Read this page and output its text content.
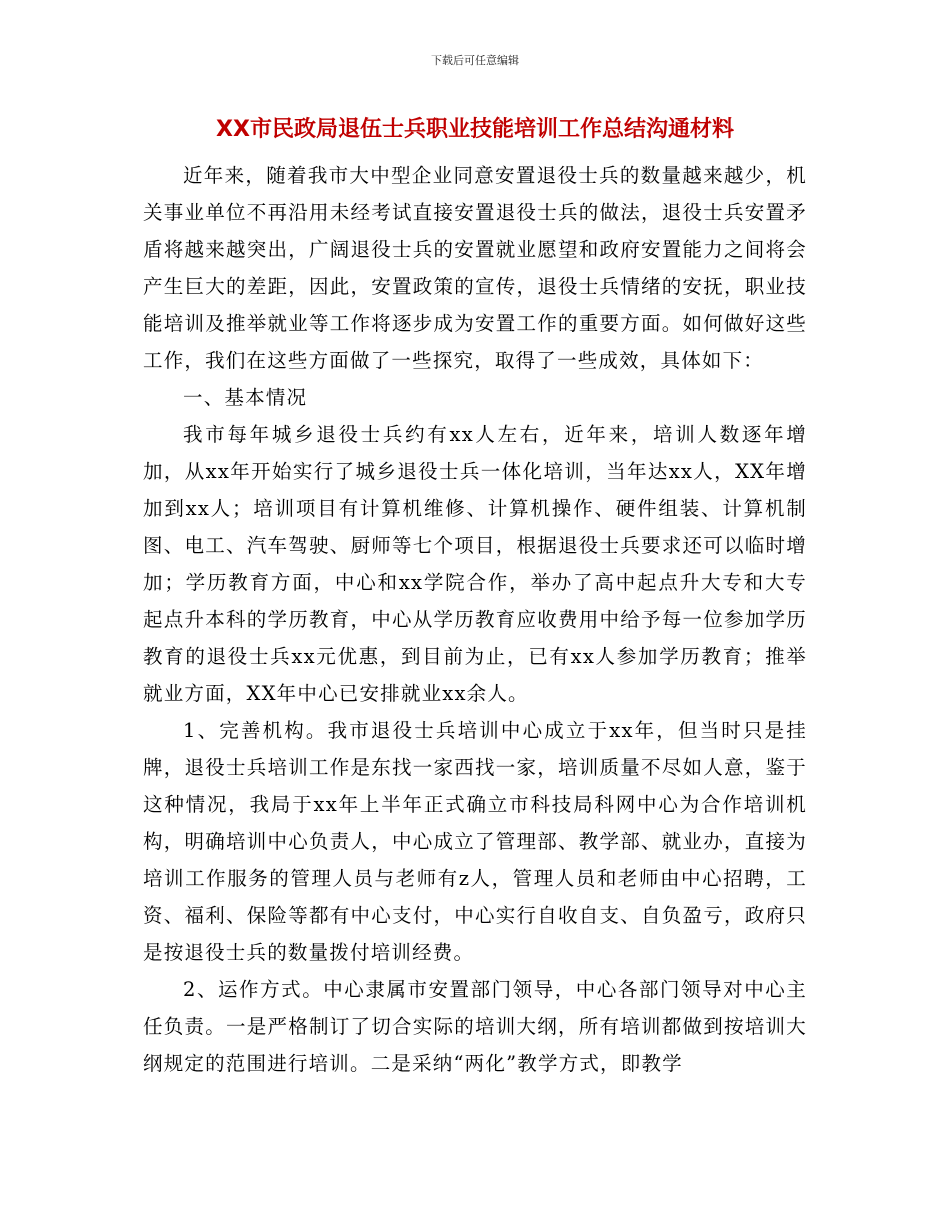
下载后可任意编辑
XX市民政局退伍士兵职业技能培训工作总结沟通材料

近年来，随着我市大中型企业同意安置退役士兵的数量越来越少，机关事业单位不再沿用未经考试直接安置退役士兵的做法，退役士兵安置矛盾将越来越突出，广阔退役士兵的安置就业愿望和政府安置能力之间将会产生巨大的差距，因此，安置政策的宣传，退役士兵情绪的安抚，职业技能培训及推举就业等工作将逐步成为安置工作的重要方面。如何做好这些工作，我们在这些方面做了一些探究，取得了一些成效，具体如下：

一、基本情况

我市每年城乡退役士兵约有xx人左右，近年来，培训人数逐年增加，从xx年开始实行了城乡退役士兵一体化培训，当年达xx人，XX年增加到xx人；培训项目有计算机维修、计算机操作、硬件组装、计算机制图、电工、汽车驾驶、厨师等七个项目，根据退役士兵要求还可以临时增加；学历教育方面，中心和xx学院合作，举办了高中起点升大专和大专起点升本科的学历教育，中心从学历教育应收费用中给予每一位参加学历教育的退役士兵xx元优惠，到目前为止，已有xx人参加学历教育；推举就业方面，XX年中心已安排就业xx余人。

1、完善机构。我市退役士兵培训中心成立于xx年，但当时只是挂牌，退役士兵培训工作是东找一家西找一家，培训质量不尽如人意，鉴于这种情况，我局于xx年上半年正式确立市科技局科网中心为合作培训机构，明确培训中心负责人，中心成立了管理部、教学部、就业办，直接为培训工作服务的管理人员与老师有z人，管理人员和老师由中心招聘，工资、福利、保险等都有中心支付，中心实行自收自支、自负盈亏，政府只是按退役士兵的数量拨付培训经费。

2、运作方式。中心隶属市安置部门领导，中心各部门领导对中心主任负责。一是严格制订了切合实际的培训大纲，所有培训都做到按培训大纲规定的范围进行培训。二是采纳“两化”教学方式，即教学
